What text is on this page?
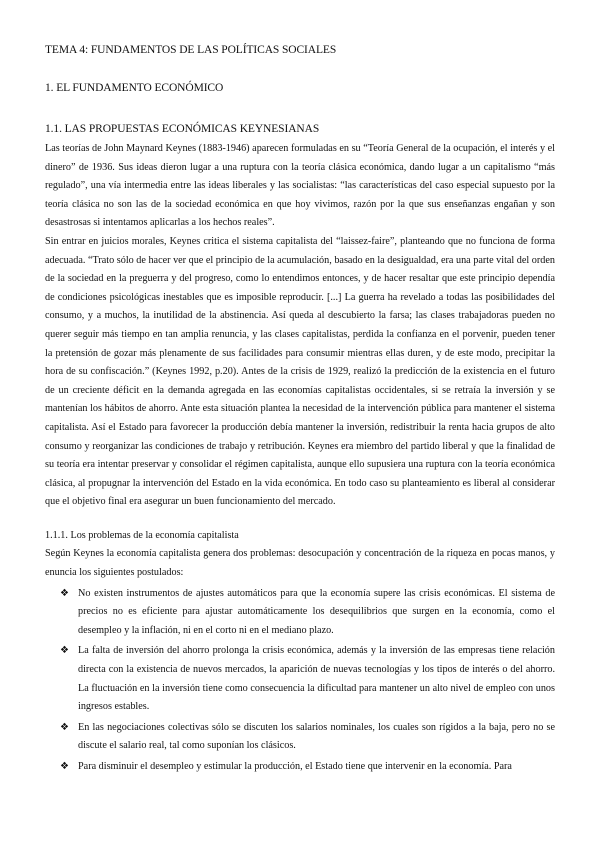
TEMA 4: FUNDAMENTOS DE LAS POLÍTICAS SOCIALES
1. EL FUNDAMENTO ECONÓMICO
1.1. LAS PROPUESTAS ECONÓMICAS KEYNESIANAS

Las teorías de John Maynard Keynes (1883-1946) aparecen formuladas en su “Teoría General de la ocupación, el interés y el dinero” de 1936. Sus ideas dieron lugar a una ruptura con la teoría clásica económica, dando lugar a un capitalismo “más regulado”, una vía intermedia entre las ideas liberales y las socialistas: “las características del caso especial supuesto por la teoría clásica no son las de la sociedad económica en que hoy vivimos, razón por la que sus enseñanzas engañan y son desastrosas si intentamos aplicarlas a los hechos reales”.

Sin entrar en juicios morales, Keynes critica el sistema capitalista del “laissez-faire”, planteando que no funciona de forma adecuada. “Trato sólo de hacer ver que el principio de la acumulación, basado en la desigualdad, era una parte vital del orden de la sociedad en la preguerra y del progreso, como lo entendimos entonces, y de hacer resaltar que este principio dependía de condiciones psicológicas inestables que es imposible reproducir. [...] La guerra ha revelado a todas las posibilidades del consumo, y a muchos, la inutilidad de la abstinencia. Así queda al descubierto la farsa; las clases trabajadoras pueden no querer seguir más tiempo en tan amplia renuncia, y las clases capitalistas, perdida la confianza en el porvenir, pueden tener la pretensión de gozar más plenamente de sus facilidades para consumir mientras ellas duren, y de este modo, precipitar la hora de su confiscación.” (Keynes 1992, p.20). Antes de la crisis de 1929, realizó la predicción de la existencia en el futuro de un creciente déficit en la demanda agregada en las economías capitalistas occidentales, si se retraía la inversión y se mantenían los hábitos de ahorro. Ante esta situación plantea la necesidad de la intervención pública para mantener el sistema capitalista. Así el Estado para favorecer la producción debía mantener la inversión, redistribuir la renta hacia grupos de alto consumo y reorganizar las condiciones de trabajo y retribución. Keynes era miembro del partido liberal y que la finalidad de su teoría era intentar preservar y consolidar el régimen capitalista, aunque ello supusiera una ruptura con la teoría económica clásica, al propugnar la intervención del Estado en la vida económica. En todo caso su planteamiento es liberal al considerar que el objetivo final era asegurar un buen funcionamiento del mercado.

1.1.1. Los problemas de la economía capitalista

Según Keynes la economía capitalista genera dos problemas: desocupación y concentración de la riqueza en pocas manos, y enuncia los siguientes postulados:

❖ No existen instrumentos de ajustes automáticos para que la economía supere las crisis económicas. El sistema de precios no es eficiente para ajustar automáticamente los desequilibrios que surgen en la economía, como el desempleo y la inflación, ni en el corto ni en el mediano plazo.
❖ La falta de inversión del ahorro prolonga la crisis económica, además y la inversión de las empresas tiene relación directa con la existencia de nuevos mercados, la aparición de nuevas tecnologías y los tipos de interés o del ahorro. La fluctuación en la inversión tiene como consecuencia la dificultad para mantener un alto nivel de empleo con unos ingresos estables.
❖ En las negociaciones colectivas sólo se discuten los salarios nominales, los cuales son rígidos a la baja, pero no se discute el salario real, tal como suponían los clásicos.
❖ Para disminuir el desempleo y estimular la producción, el Estado tiene que intervenir en la economía. Para
